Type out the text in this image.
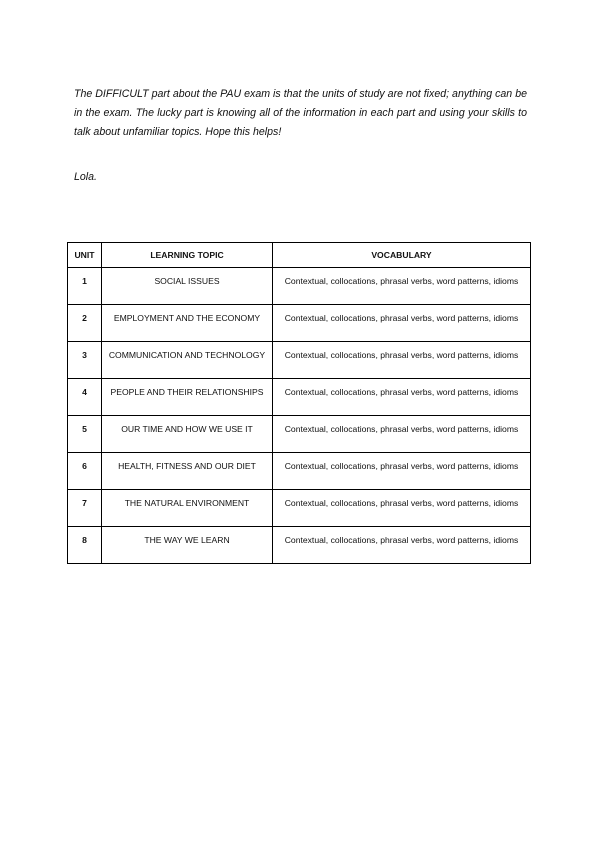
The DIFFICULT part about the PAU exam is that the units of study are not fixed; anything can be in the exam. The lucky part is knowing all of the information in each part and using your skills to talk about unfamiliar topics. Hope this helps!

Lola.

UNIT	LEARNING TOPIC	VOCABULARY
1	SOCIAL ISSUES	Contextual, collocations, phrasal verbs, word patterns, idioms
2	EMPLOYMENT AND THE ECONOMY	Contextual, collocations, phrasal verbs, word patterns, idioms
3	COMMUNICATION AND TECHNOLOGY	Contextual, collocations, phrasal verbs, word patterns, idioms
4	PEOPLE AND THEIR RELATIONSHIPS	Contextual, collocations, phrasal verbs, word patterns, idioms
5	OUR TIME AND HOW WE USE IT	Contextual, collocations, phrasal verbs, word patterns, idioms
6	HEALTH, FITNESS AND OUR DIET	Contextual, collocations, phrasal verbs, word patterns, idioms
7	THE NATURAL ENVIRONMENT	Contextual, collocations, phrasal verbs, word patterns, idioms
8	THE WAY WE LEARN	Contextual, collocations, phrasal verbs, word patterns, idioms
